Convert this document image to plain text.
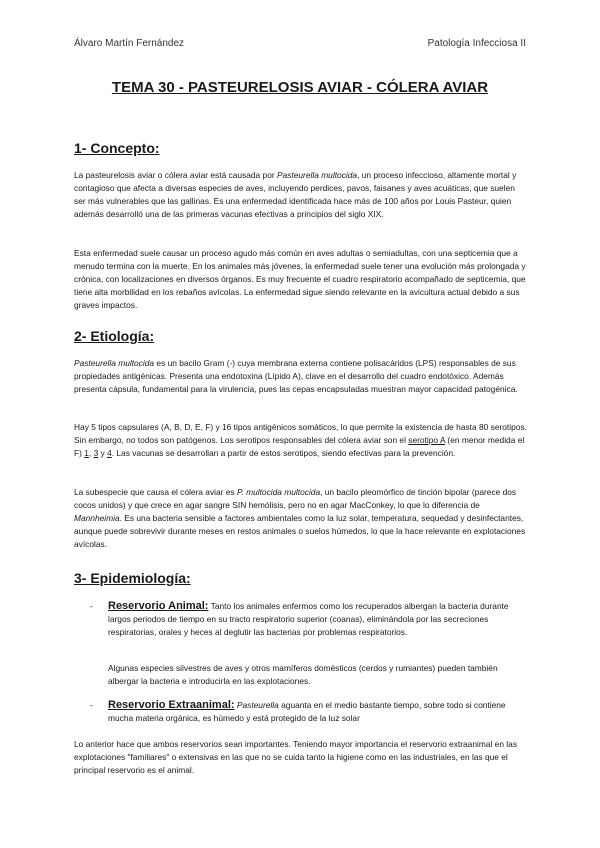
Álvaro Martín Fernández	Patología Infecciosa II
TEMA 30 - PASTEURELOSIS AVIAR - CÓLERA AVIAR
1- Concepto:

La pasteurelosis aviar o cólera aviar está causada por Pasteurella multocida, un proceso infeccioso, altamente mortal y contagioso que afecta a diversas especies de aves, incluyendo perdices, pavos, faisanes y aves acuáticas, que suelen ser más vulnerables que las gallinas. Es una enfermedad identificada hace más de 100 años por Louis Pasteur, quien además desarrolló una de las primeras vacunas efectivas a principios del siglo XIX.

Esta enfermedad suele causar un proceso agudo más común en aves adultas o semiadultas, con una septicemia que a menudo termina con la muerte. En los animales más jóvenes, la enfermedad suele tener una evolución más prolongada y crónica, con localizaciones en diversos órganos. Es muy frecuente el cuadro respiratorio acompañado de septicemia, que tiene alta morbilidad en los rebaños avícolas. La enfermedad sigue siendo relevante en la avicultura actual debido a sus graves impactos.

2- Etiología:

Pasteurella multocida es un bacilo Gram (-) cuya membrana externa contiene polisacáridos (LPS) responsables de sus propiedades antigénicas. Presenta una endotoxina (Lípido A), clave en el desarrollo del cuadro endotóxico. Además presenta cápsula, fundamental para la virulencia, pues las cepas encapsuladas muestran mayor capacidad patogénica.

Hay 5 tipos capsulares (A, B, D, E, F) y 16 tipos antigénicos somáticos, lo que permite la existencia de hasta 80 serotipos. Sin embargo, no todos son patógenos. Los serotipos responsables del cólera aviar son el serotipo A (en menor medida el F) 1, 3 y 4. Las vacunas se desarrollan a partir de estos serotipos, siendo efectivas para la prevención.

La subespecie que causa el cólera aviar es P. multocida multocida, un bacilo pleomórfico de tinción bipolar (parece dos cocos unidos) y que crece en agar sangre SIN hemólisis, pero no en agar MacConkey, lo que lo diferencia de Mannheimia. Es una bacteria sensible a factores ambientales como la luz solar, temperatura, sequedad y desinfectantes, aunque puede sobrevivir durante meses en restos animales o suelos húmedos, lo que la hace relevante en explotaciones avícolas.

3- Epidemiología:
- Reservorio Animal: Tanto los animales enfermos como los recuperados albergan la bacteria durante largos periodos de tiempo en su tracto respiratorio superior (coanas), eliminándola por las secreciones respiratorias, orales y heces al deglutir las bacterias por problemas respiratorios.
Algunas especies silvestres de aves y otros mamíferos domésticos (cerdos y rumiantes) pueden también albergar la bacteria e introducirla en las explotaciones.
- Reservorio Extraanimal: Pasteurella aguanta en el medio bastante tiempo, sobre todo si contiene mucha materia orgánica, es húmedo y está protegido de la luz solar

Lo anterior hace que ambos reservorios sean importantes. Teniendo mayor importancia el reservorio extraanimal en las explotaciones "familiares" o extensivas en las que no se cuida tanto la higiene como en las industriales, en las que el principal reservorio es el animal.
